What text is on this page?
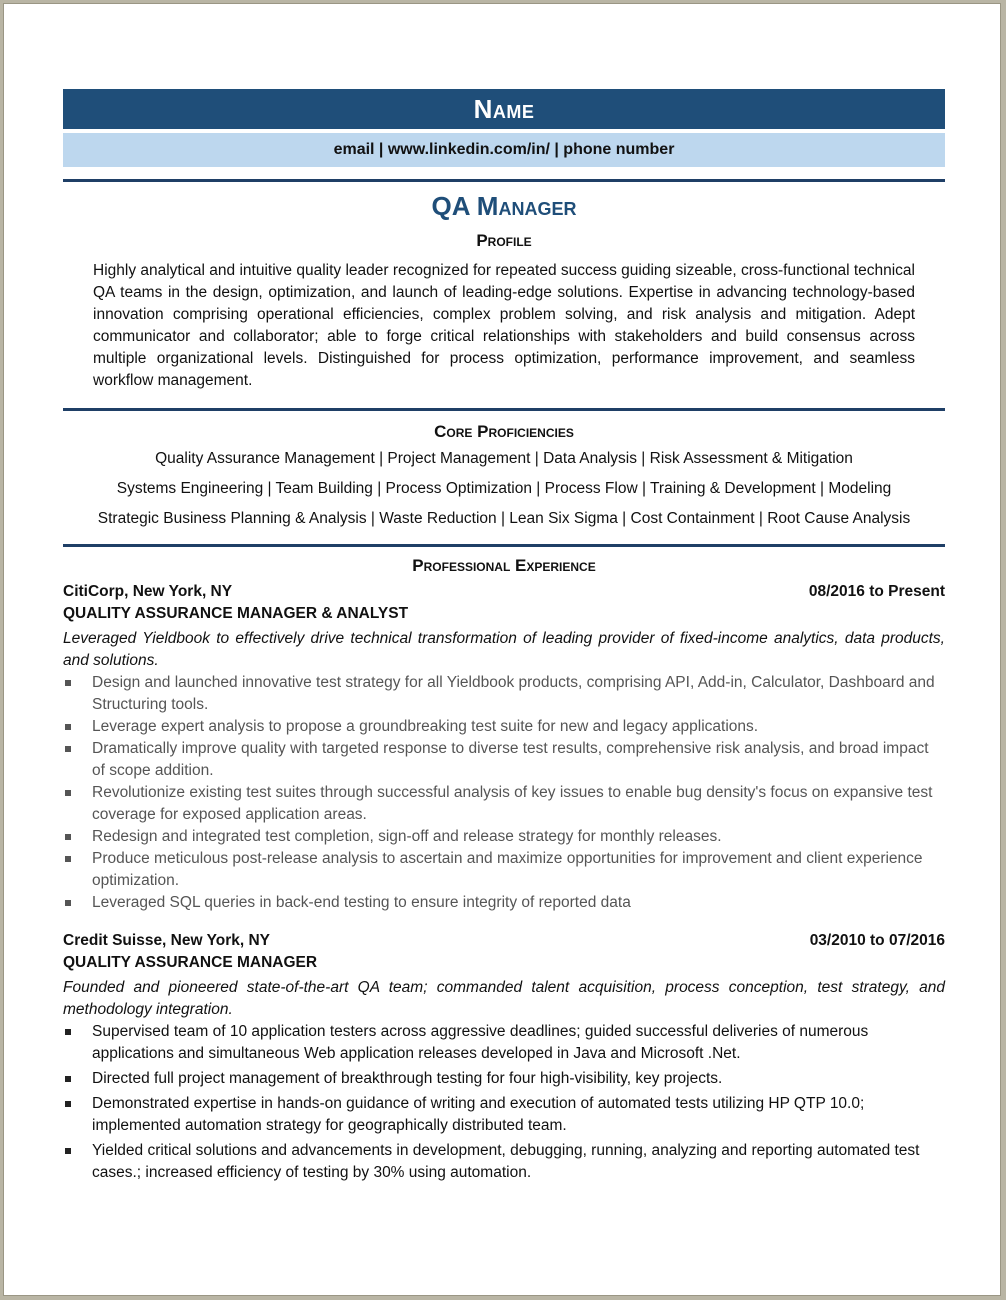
Name
email | www.linkedin.com/in/ | phone number
QA Manager
Profile

Highly analytical and intuitive quality leader recognized for repeated success guiding sizeable, cross-functional technical QA teams in the design, optimization, and launch of leading-edge solutions. Expertise in advancing technology-based innovation comprising operational efficiencies, complex problem solving, and risk analysis and mitigation. Adept communicator and collaborator; able to forge critical relationships with stakeholders and build consensus across multiple organizational levels. Distinguished for process optimization, performance improvement, and seamless workflow management.

Core Proficiencies
Quality Assurance Management | Project Management | Data Analysis | Risk Assessment & Mitigation
Systems Engineering | Team Building | Process Optimization | Process Flow | Training & Development | Modeling
Strategic Business Planning & Analysis | Waste Reduction | Lean Six Sigma | Cost Containment | Root Cause Analysis
Professional Experience
CitiCorp, New York, NY	08/2016 to Present
QUALITY ASSURANCE MANAGER & ANALYST
Leveraged Yieldbook to effectively drive technical transformation of leading provider of fixed-income analytics, data products, and solutions.
Design and launched innovative test strategy for all Yieldbook products, comprising API, Add-in, Calculator, Dashboard and Structuring tools.
Leverage expert analysis to propose a groundbreaking test suite for new and legacy applications.
Dramatically improve quality with targeted response to diverse test results, comprehensive risk analysis, and broad impact of scope addition.
Revolutionize existing test suites through successful analysis of key issues to enable bug density's focus on expansive test coverage for exposed application areas.
Redesign and integrated test completion, sign-off and release strategy for monthly releases.
Produce meticulous post-release analysis to ascertain and maximize opportunities for improvement and client experience optimization.
Leveraged SQL queries in back-end testing to ensure integrity of reported data
Credit Suisse, New York, NY	03/2010 to 07/2016
QUALITY ASSURANCE MANAGER
Founded and pioneered state-of-the-art QA team; commanded talent acquisition, process conception, test strategy, and methodology integration.
Supervised team of 10 application testers across aggressive deadlines; guided successful deliveries of numerous applications and simultaneous Web application releases developed in Java and Microsoft .Net.
Directed full project management of breakthrough testing for four high-visibility, key projects.
Demonstrated expertise in hands-on guidance of writing and execution of automated tests utilizing HP QTP 10.0; implemented automation strategy for geographically distributed team.
Yielded critical solutions and advancements in development, debugging, running, analyzing and reporting automated test cases.; increased efficiency of testing by 30% using automation.
